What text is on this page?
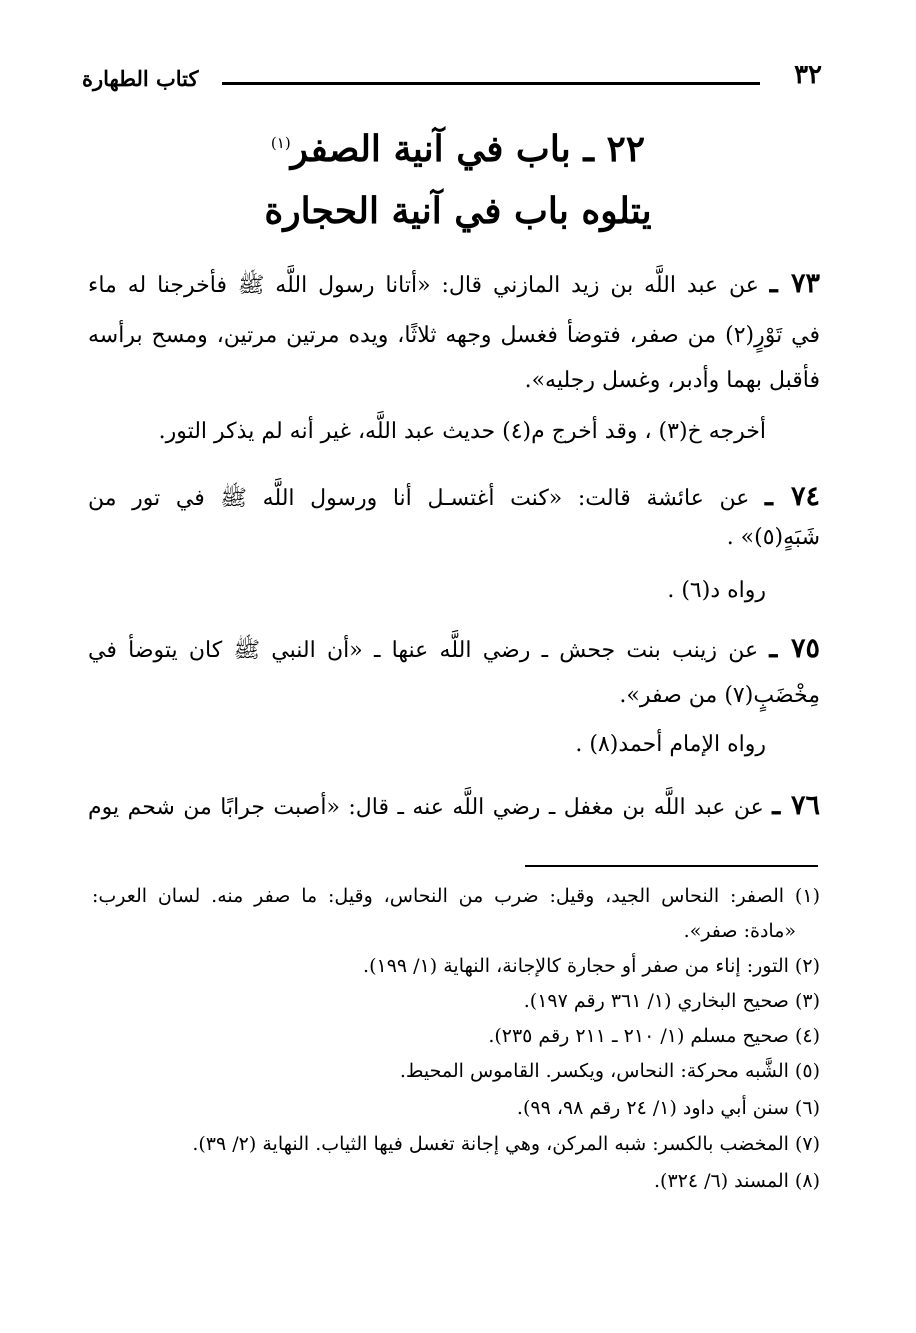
٣٢
كتاب الطهارة
٢٢ ـ باب في آنية الصفر$^{(١)}$
يتلوه باب في آنية الحجارة
٧٣ ـ عن عبد اللَّه بن زيد المازني قال: «أتانا رسول اللَّه ﷺ فأخرجنا له ماء
في تَوْرٍ(٢) من صفر، فتوضأ فغسل وجهه ثلاثًا، ويده مرتين مرتين، ومسح برأسه
فأقبل بهما وأدبر، وغسل رجليه».
أخرجه خ(٣) ، وقد أخرج م(٤) حديث عبد اللَّه، غير أنه لم يذكر التور.
٧٤ ـ عن عائشة قالت: «كنت أغتسـل أنا ورسول اللَّه ﷺ في تور من
شَبَهٍ(٥)» .
رواه د(٦) .
٧٥ ـ عن زينب بنت جحش ـ رضي اللَّه عنها ـ «أن النبي ﷺ كان يتوضأ في
مِخْضَبٍ(٧) من صفر».
رواه الإمام أحمد(٨) .
٧٦ ـ عن عبد اللَّه بن مغفل ـ رضي اللَّه عنه ـ قال: «أصبت جرابًا من شحم يوم
(١) الصفر: النحاس الجيد، وقيل: ضرب من النحاس، وقيل: ما صفر منه. لسان العرب:
«مادة: صفر».
(٢) التور: إناء من صفر أو حجارة كالإجانة، النهاية (١/ ١٩٩).
(٣) صحيح البخاري (١/ ٣٦١ رقم ١٩٧).
(٤) صحيح مسلم (١/ ٢١٠ ـ ٢١١ رقم ٢٣٥).
(٥) الشَّبه محركة: النحاس، ويكسر. القاموس المحيط.
(٦) سنن أبي داود (١/ ٢٤ رقم ٩٨، ٩٩).
(٧) المخضب بالكسر: شبه المركن، وهي إجانة تغسل فيها الثياب. النهاية (٢/ ٣٩).
(٨) المسند (٦/ ٣٢٤).
